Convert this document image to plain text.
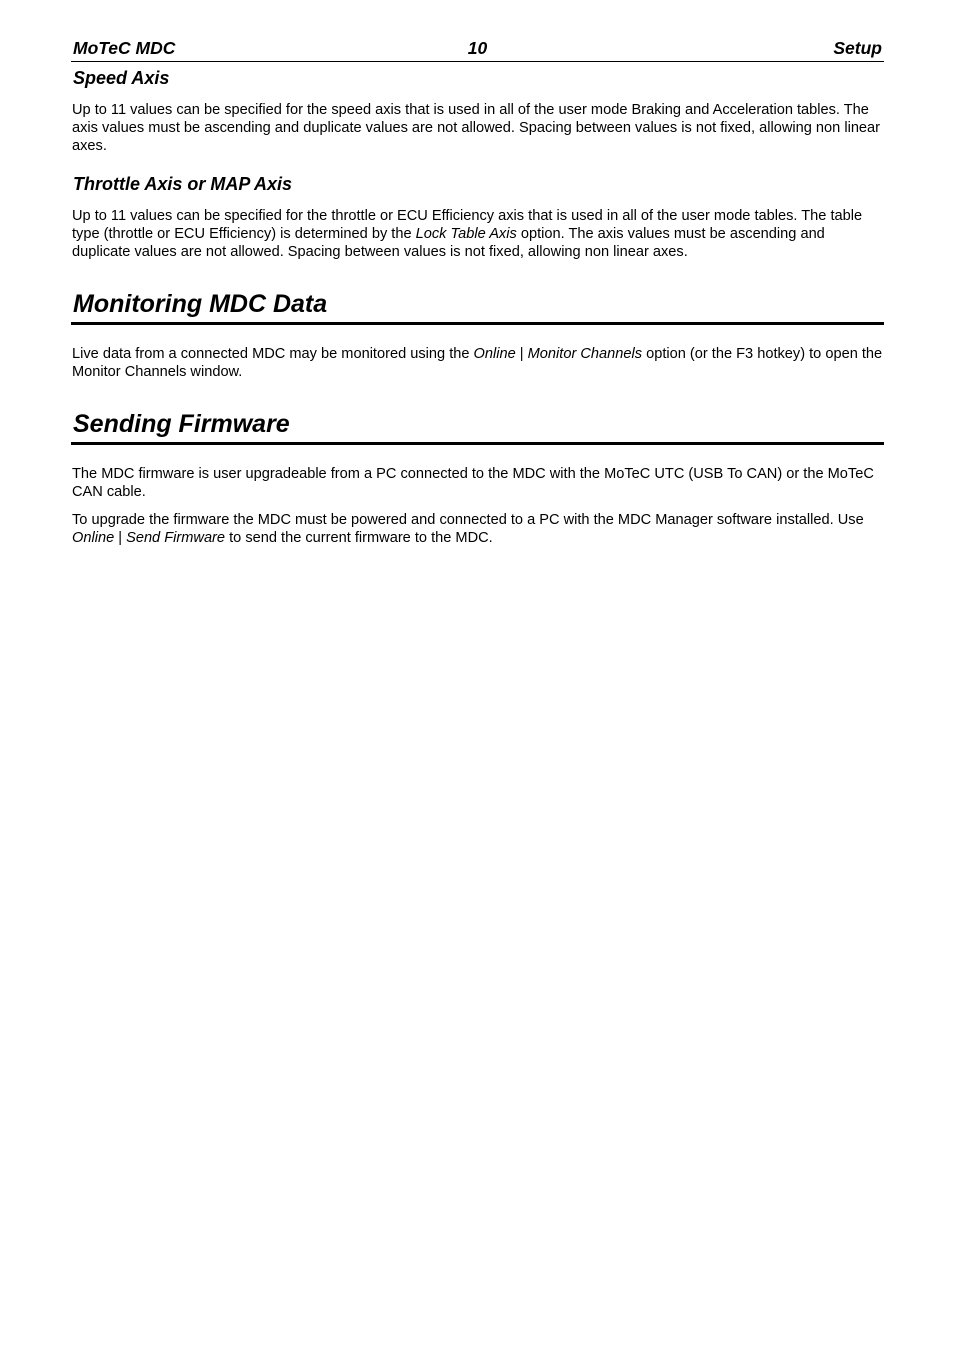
MoTeC MDC	10	Setup
Speed Axis

Up to 11 values can be specified for the speed axis that is used in all of the user mode Braking and Acceleration tables. The axis values must be ascending and duplicate values are not allowed. Spacing between values is not fixed, allowing non linear axes.

Throttle Axis or MAP Axis

Up to 11 values can be specified for the throttle or ECU Efficiency axis that is used in all of the user mode tables. The table type (throttle or ECU Efficiency) is determined by the Lock Table Axis option. The axis values must be ascending and duplicate values are not allowed. Spacing between values is not fixed, allowing non linear axes.

Monitoring MDC Data

Live data from a connected MDC may be monitored using the Online | Monitor Channels option (or the F3 hotkey) to open the Monitor Channels window.

Sending Firmware

The MDC firmware is user upgradeable from a PC connected to the MDC with the MoTeC UTC (USB To CAN) or the MoTeC CAN cable.

To upgrade the firmware the MDC must be powered and connected to a PC with the MDC Manager software installed. Use Online | Send Firmware to send the current firmware to the MDC.
